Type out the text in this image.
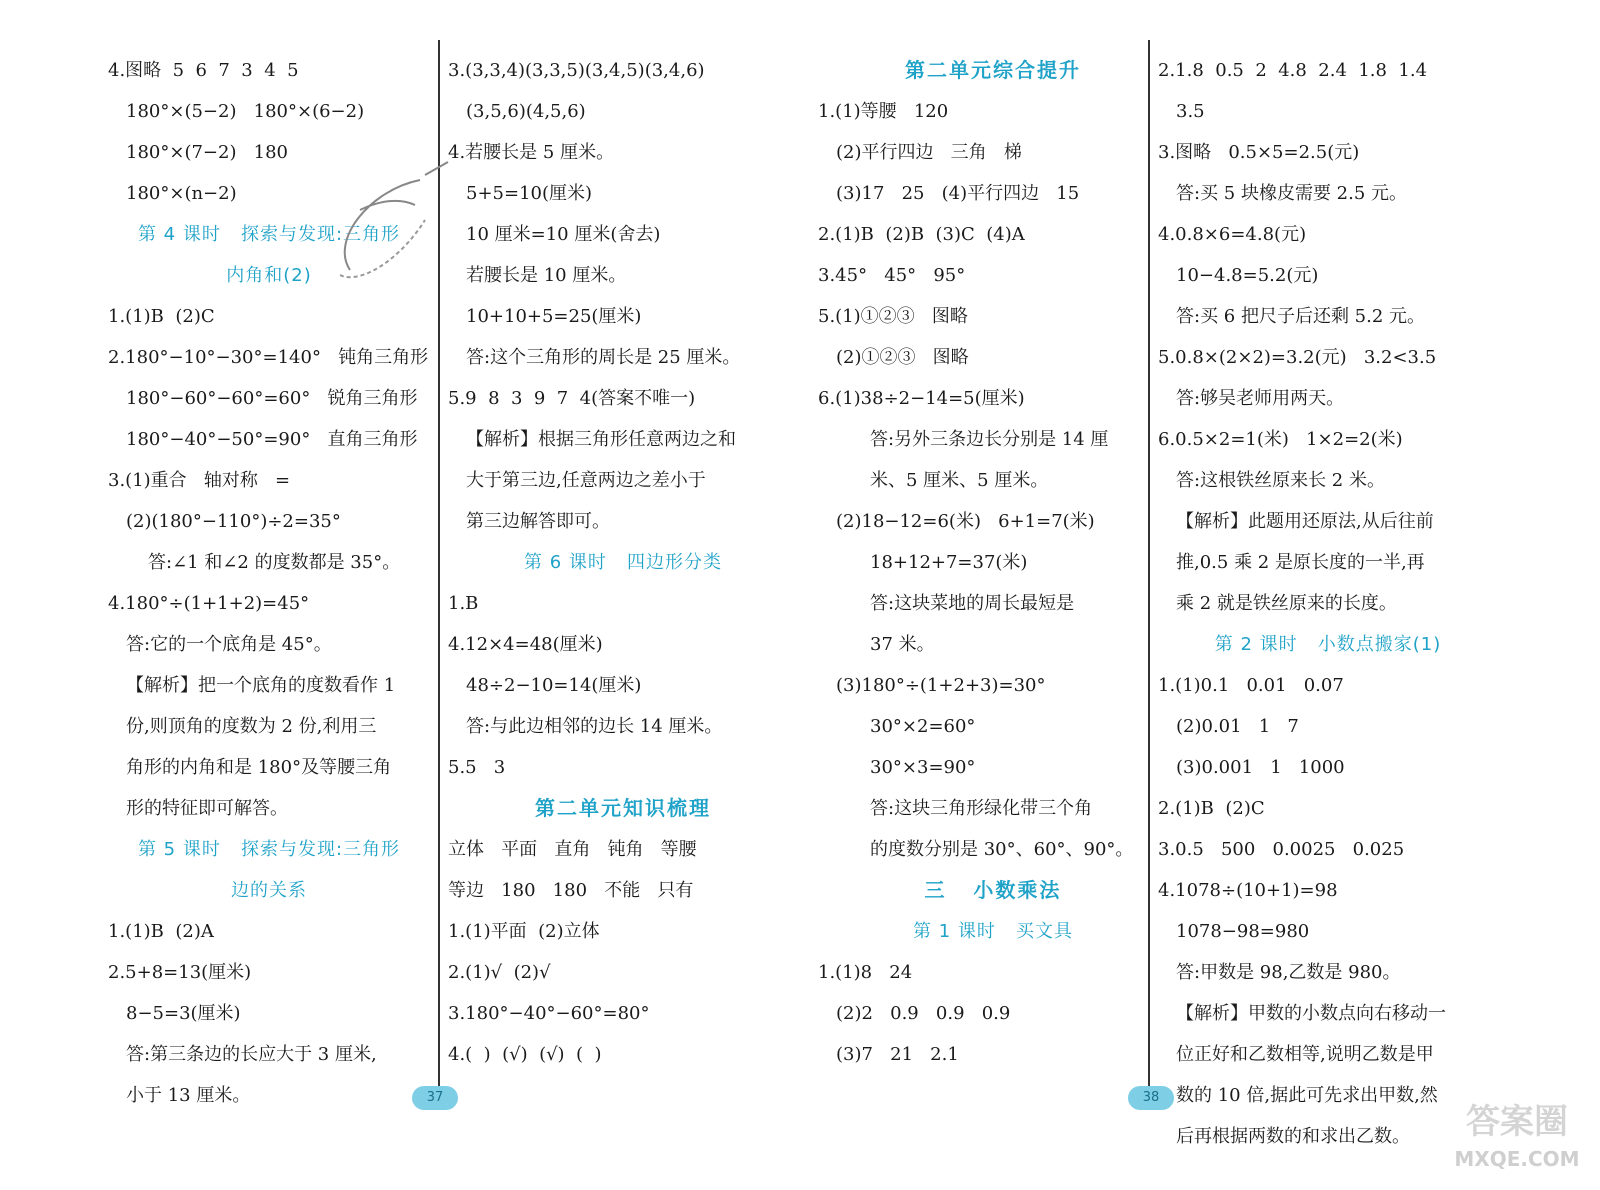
4.图略  5  6  7  3  4  5
180°×(5−2)   180°×(6−2)
180°×(7−2)   180
180°×(n−2)
第 4 课时   探索与发现:三角形
内角和(2)
1.(1)B  (2)C
2.180°−10°−30°=140°   钝角三角形
180°−60°−60°=60°   锐角三角形
180°−40°−50°=90°   直角三角形
3.(1)重合   轴对称   =
(2)(180°−110°)÷2=35°
答:∠1 和∠2 的度数都是 35°。
4.180°÷(1+1+2)=45°
答:它的一个底角是 45°。
【解析】把一个底角的度数看作 1
份,则顶角的度数为 2 份,利用三
角形的内角和是 180°及等腰三角
形的特征即可解答。
第 5 课时   探索与发现:三角形
边的关系
1.(1)B  (2)A
2.5+8=13(厘米)
8−5=3(厘米)
答:第三条边的长应大于 3 厘米,
小于 13 厘米。
3.(3,3,4)(3,3,5)(3,4,5)(3,4,6)
(3,5,6)(4,5,6)
4.若腰长是 5 厘米。
5+5=10(厘米)
10 厘米=10 厘米(舍去)
若腰长是 10 厘米。
10+10+5=25(厘米)
答:这个三角形的周长是 25 厘米。
5.9  8  3  9  7  4(答案不唯一)
【解析】根据三角形任意两边之和
大于第三边,任意两边之差小于
第三边解答即可。
第 6 课时   四边形分类
1.B
4.12×4=48(厘米)
48÷2−10=14(厘米)
答:与此边相邻的边长 14 厘米。
5.5   3
第二单元知识梳理
立体   平面   直角   钝角   等腰
等边   180   180   不能   只有
1.(1)平面  (2)立体
2.(1)√  (2)√
3.180°−40°−60°=80°
4.(  )  (√)  (√)  (  )
第二单元综合提升
1.(1)等腰   120
(2)平行四边   三角   梯
(3)17   25   (4)平行四边   15
2.(1)B  (2)B  (3)C  (4)A
3.45°   45°   95°
5.(1)①②③   图略
(2)①②③   图略
6.(1)38÷2−14=5(厘米)
答:另外三条边长分别是 14 厘
米、5 厘米、5 厘米。
(2)18−12=6(米)   6+1=7(米)
18+12+7=37(米)
答:这块菜地的周长最短是
37 米。
(3)180°÷(1+2+3)=30°
30°×2=60°
30°×3=90°
答:这块三角形绿化带三个角
的度数分别是 30°、60°、90°。
三   小数乘法
第 1 课时   买文具
1.(1)8   24
(2)2   0.9   0.9   0.9
(3)7   21   2.1
2.1.8  0.5  2  4.8  2.4  1.8  1.4
3.5
3.图略   0.5×5=2.5(元)
答:买 5 块橡皮需要 2.5 元。
4.0.8×6=4.8(元)
10−4.8=5.2(元)
答:买 6 把尺子后还剩 5.2 元。
5.0.8×(2×2)=3.2(元)   3.2<3.5
答:够吴老师用两天。
6.0.5×2=1(米)   1×2=2(米)
答:这根铁丝原来长 2 米。
【解析】此题用还原法,从后往前
推,0.5 乘 2 是原长度的一半,再
乘 2 就是铁丝原来的长度。
第 2 课时   小数点搬家(1)
1.(1)0.1   0.01   0.07
(2)0.01   1   7
(3)0.001   1   1000
2.(1)B  (2)C
3.0.5   500   0.0025   0.025
4.1078÷(10+1)=98
1078−98=980
答:甲数是 98,乙数是 980。
【解析】甲数的小数点向右移动一
位正好和乙数相等,说明乙数是甲
数的 10 倍,据此可先求出甲数,然
后再根据两数的和求出乙数。
37	38
答案圈
MXQE.COM
